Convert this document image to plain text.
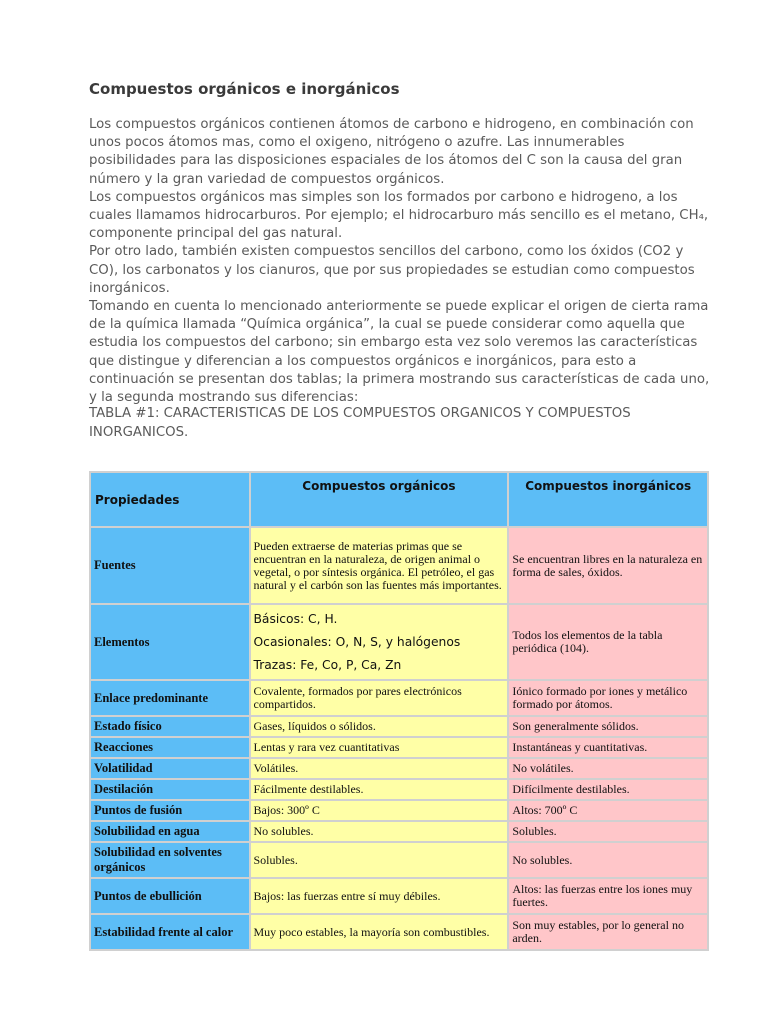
Compuestos orgánicos e inorgánicos

Los compuestos orgánicos contienen átomos de carbono e hidrogeno, en combinación con unos pocos átomos mas, como el oxigeno, nitrógeno o azufre. Las innumerables posibilidades para las disposiciones espaciales de los átomos del C son la causa del gran número y la gran variedad de compuestos orgánicos.

Los compuestos orgánicos mas simples son los formados por carbono e hidrogeno, a los cuales llamamos hidrocarburos. Por ejemplo; el hidrocarburo más sencillo es el metano, CH₄, componente principal del gas natural.

Por otro lado, también existen compuestos sencillos del carbono, como los óxidos (CO2 y CO), los carbonatos y los cianuros, que por sus propiedades se estudian como compuestos inorgánicos.

Tomando en cuenta lo mencionado anteriormente se puede explicar el origen de cierta rama de la química llamada “Química orgánica”, la cual se puede considerar como aquella que estudia los compuestos del carbono; sin embargo esta vez solo veremos las características que distingue y diferencian a los compuestos orgánicos e inorgánicos, para esto a continuación se presentan dos tablas; la primera mostrando sus características de cada uno, y la segunda mostrando sus diferencias:

TABLA #1: CARACTERISTICAS DE LOS COMPUESTOS ORGANICOS Y COMPUESTOS INORGANICOS.
Propiedades	Compuestos orgánicos	Compuestos inorgánicos
Fuentes	Pueden extraerse de materias primas que se encuentran en la naturaleza, de origen animal o vegetal, o por síntesis orgánica. El petróleo, el gas natural y el carbón son las fuentes más importantes.	Se encuentran libres en la naturaleza en forma de sales, óxidos.
Elementos	Básicos: C, H.
Ocasionales: O, N, S, y halógenos
Trazas: Fe, Co, P, Ca, Zn	Todos los elementos de la tabla periódica (104).
Enlace predominante	Covalente, formados por pares electrónicos compartidos.	Iónico formado por iones y metálico formado por átomos.
Estado físico	Gases, líquidos o sólidos.	Son generalmente sólidos.
Reacciones	Lentas y rara vez cuantitativas	Instantáneas y cuantitativas.
Volatilidad	Volátiles.	No volátiles.
Destilación	Fácilmente destilables.	Difícilmente destilables.
Puntos de fusión	Bajos: 300º C	Altos: 700º C
Solubilidad en agua	No solubles.	Solubles.
Solubilidad en solventes orgánicos	Solubles.	No solubles.
Puntos de ebullición	Bajos: las fuerzas entre sí muy débiles.	Altos: las fuerzas entre los iones muy fuertes.
Estabilidad frente al calor	Muy poco estables, la mayoría son combustibles.	Son muy estables, por lo general no arden.
